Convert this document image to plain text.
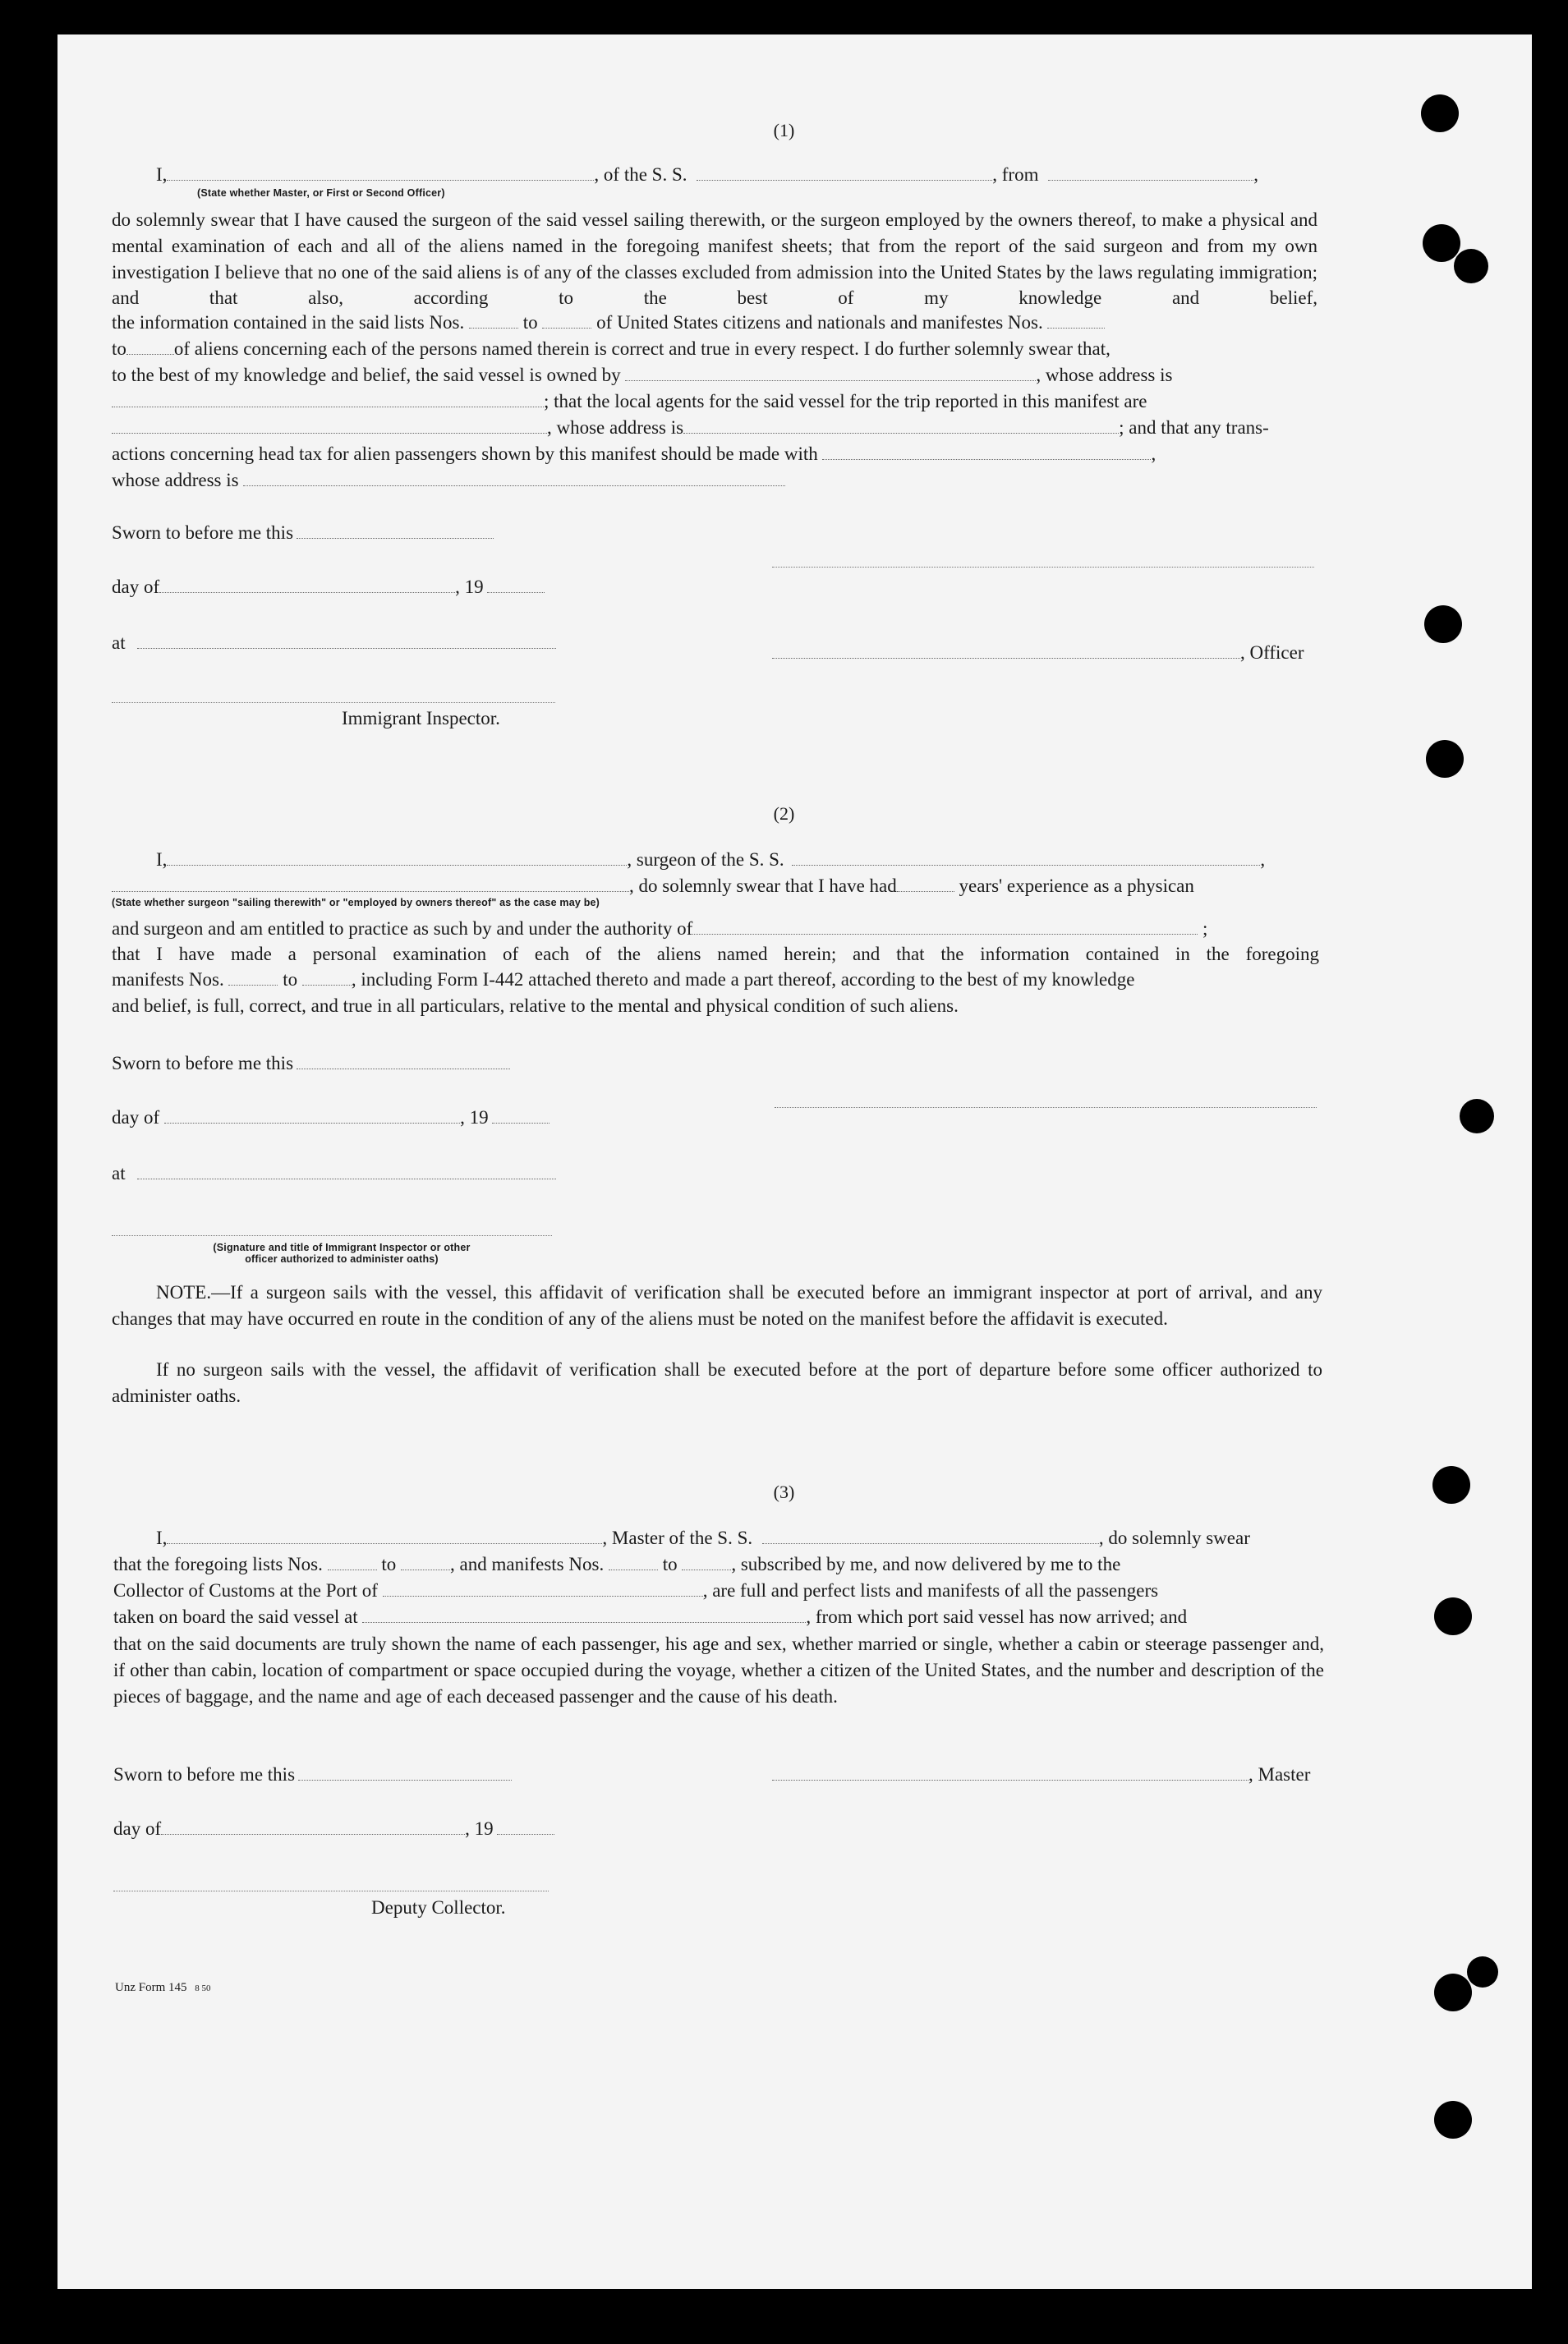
(1)

I,	, of the S. S.	, from	,

(State whether Master, or First or Second Officer)

do solemnly swear that I have caused the surgeon of the said vessel sailing therewith, or the surgeon employed by the owners thereof, to make a physical and mental examination of each and all of the aliens named in the foregoing manifest sheets; that from the report of the said surgeon and from my own investigation I believe that no one of the said aliens is of any of the classes excluded from admission into the United States by the laws regulating immigration; and that also, according to the best of my knowledge and belief,

the information contained in the said lists Nos.	to	of United States citizens and nationals and manifestes Nos.

to	of aliens concerning each of the persons named therein is correct and true in every respect. I do further solemnly swear that,

to the best of my knowledge and belief, the said vessel is owned by	, whose address is

; that the local agents for the said vessel for the trip reported in this manifest are

, whose address is	; and that any trans-

actions concerning head tax for alien passengers shown by this manifest should be made with	,

whose address is

Sworn to before me this

day of	, 19

at	, Officer

Immigrant Inspector.

(2)

I,	, surgeon of the S. S.	,

, do solemnly swear that I have had	years' experience as a physican

(State whether surgeon "sailing therewith" or "employed by owners thereof" as the case may be)

and surgeon and am entitled to practice as such by and under the authority of	;

that I have made a personal examination of each of the aliens named herein; and that the information contained in the foregoing

manifests Nos.	to	, including Form I-442 attached thereto and made a part thereof, according to the best of my knowledge

and belief, is full, correct, and true in all particulars, relative to the mental and physical condition of such aliens.

Sworn to before me this

day of	, 19

at

(Signature and title of Immigrant Inspector or other
officer authorized to administer oaths)

NOTE.—If a surgeon sails with the vessel, this affidavit of verification shall be executed before an immigrant inspector at port of arrival, and any changes that may have occurred en route in the condition of any of the aliens must be noted on the manifest before the affidavit is executed.

If no surgeon sails with the vessel, the affidavit of verification shall be executed before at the port of departure before some officer authorized to administer oaths.

(3)

I,	, Master of the S. S.	, do solemnly swear

that the foregoing lists Nos.	to	, and manifests Nos.	to	, subscribed by me, and now delivered by me to the

Collector of Customs at the Port of	, are full and perfect lists and manifests of all the passengers

taken on board the said vessel at	, from which port said vessel has now arrived; and

that on the said documents are truly shown the name of each passenger, his age and sex, whether married or single, whether a cabin or steerage passenger and, if other than cabin, location of compartment or space occupied during the voyage, whether a citizen of the United States, and the number and description of the pieces of baggage, and the name and age of each deceased passenger and the cause of his death.

Sworn to before me this	, Master

day of	, 19

Deputy Collector.

Unz Form 145 8 50
